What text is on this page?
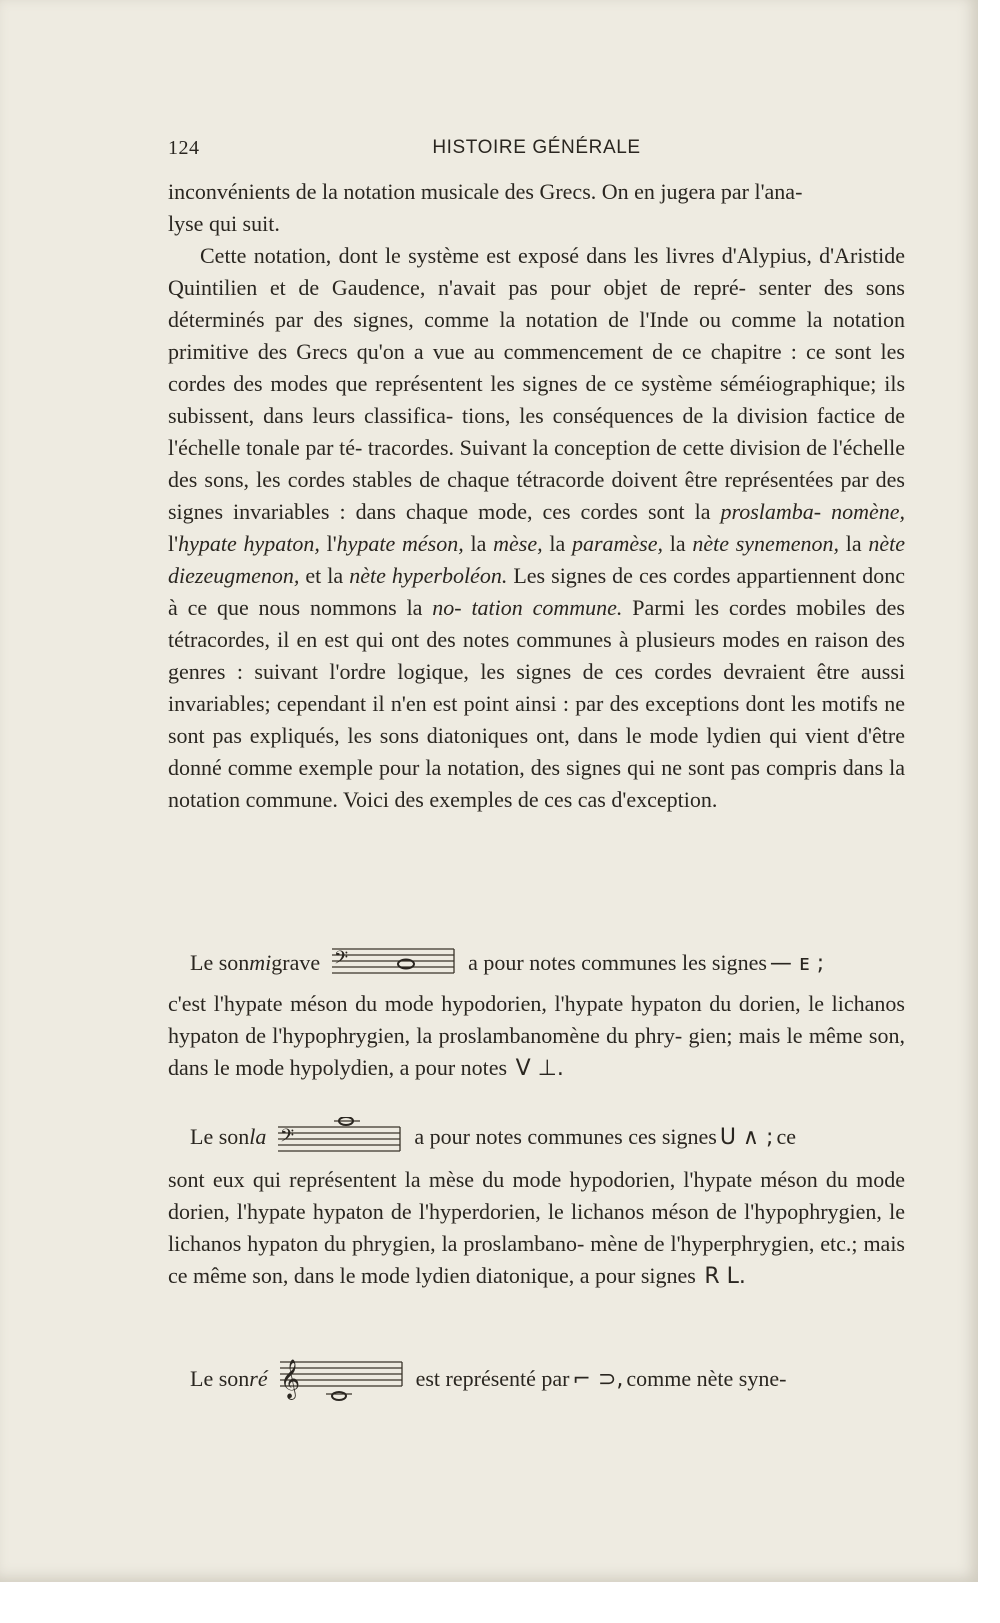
124	HISTOIRE GÉNÉRALE

inconvénients de la notation musicale des Grecs. On en jugera par l'ana-
lyse qui suit.

Cette notation, dont le système est exposé dans les livres d'Alypius, d'Aristide Quintilien et de Gaudence, n'avait pas pour objet de repré- senter des sons déterminés par des signes, comme la notation de l'Inde ou comme la notation primitive des Grecs qu'on a vue au commencement de ce chapitre : ce sont les cordes des modes que représentent les signes de ce système séméiographique; ils subissent, dans leurs classifica- tions, les conséquences de la division factice de l'échelle tonale par té- tracordes. Suivant la conception de cette division de l'échelle des sons, les cordes stables de chaque tétracorde doivent être représentées par des signes invariables : dans chaque mode, ces cordes sont la proslamba- nomène, l'hypate hypaton, l'hypate méson, la mèse, la paramèse, la nète synemenon, la nète diezeugmenon, et la nète hyperboléon. Les signes de ces cordes appartiennent donc à ce que nous nommons la no- tation commune. Parmi les cordes mobiles des tétracordes, il en est qui ont des notes communes à plusieurs modes en raison des genres : suivant l'ordre logique, les signes de ces cordes devraient être aussi invariables; cependant il n'en est point ainsi : par des exceptions dont les motifs ne sont pas expliqués, les sons diatoniques ont, dans le mode lydien qui vient d'être donné comme exemple pour la notation, des signes qui ne sont pas compris dans la notation commune. Voici des exemples de ces cas d'exception.

Le son mi grave 𝄢	a pour notes communes les signes — ᴇ ;

c'est l'hypate méson du mode hypodorien, l'hypate hypaton du dorien, le lichanos hypaton de l'hypophrygien, la proslambanomène du phry- gien; mais le même son, dans le mode hypolydien, a pour notes V ⊥.

Le son la 𝄢	a pour notes communes ces signes U ∧ ; ce

sont eux qui représentent la mèse du mode hypodorien, l'hypate méson du mode dorien, l'hypate hypaton de l'hyperdorien, le lichanos méson de l'hypophrygien, le lichanos hypaton du phrygien, la proslambano- mène de l'hyperphrygien, etc.; mais ce même son, dans le mode lydien diatonique, a pour signes R L.

Le son ré 𝄞	est représenté par ⌐ ⊃, comme nète syne-
